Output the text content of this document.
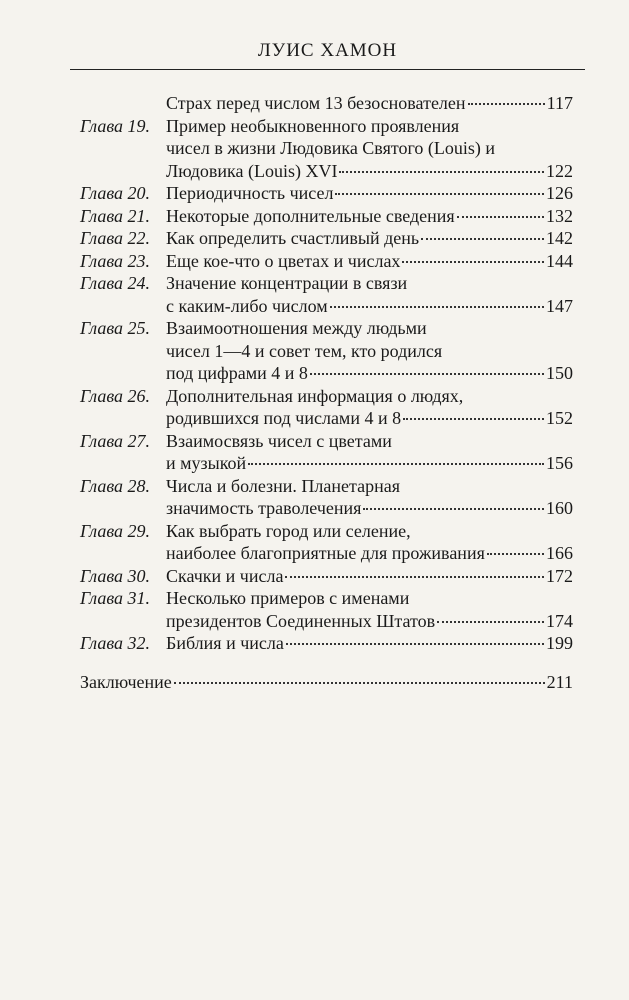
ЛУИС ХАМОН
Страх перед числом 13 безоснователен	117
Глава 19. Пример необыкновенного проявления
чисел в жизни Людовика Святого (Louis) и
Людовика (Louis) XVI	122
Глава 20. Периодичность чисел	126
Глава 21. Некоторые дополнительные сведения	132
Глава 22. Как определить счастливый день	142
Глава 23. Еще кое-что о цветах и числах	144
Глава 24. Значение концентрации в связи
с каким-либо числом	147
Глава 25. Взаимоотношения между людьми
чисел 1—4 и совет тем, кто родился
под цифрами 4 и 8	150
Глава 26. Дополнительная информация о людях,
родившихся под числами 4 и 8	152
Глава 27. Взаимосвязь чисел с цветами
и музыкой	156
Глава 28. Числа и болезни. Планетарная
значимость траволечения	160
Глава 29. Как выбрать город или селение,
наиболее благоприятные для проживания	166
Глава 30. Скачки и числа	172
Глава 31. Несколько примеров с именами
президентов Соединенных Штатов	174
Глава 32. Библия и числа	199
Заключение	211
